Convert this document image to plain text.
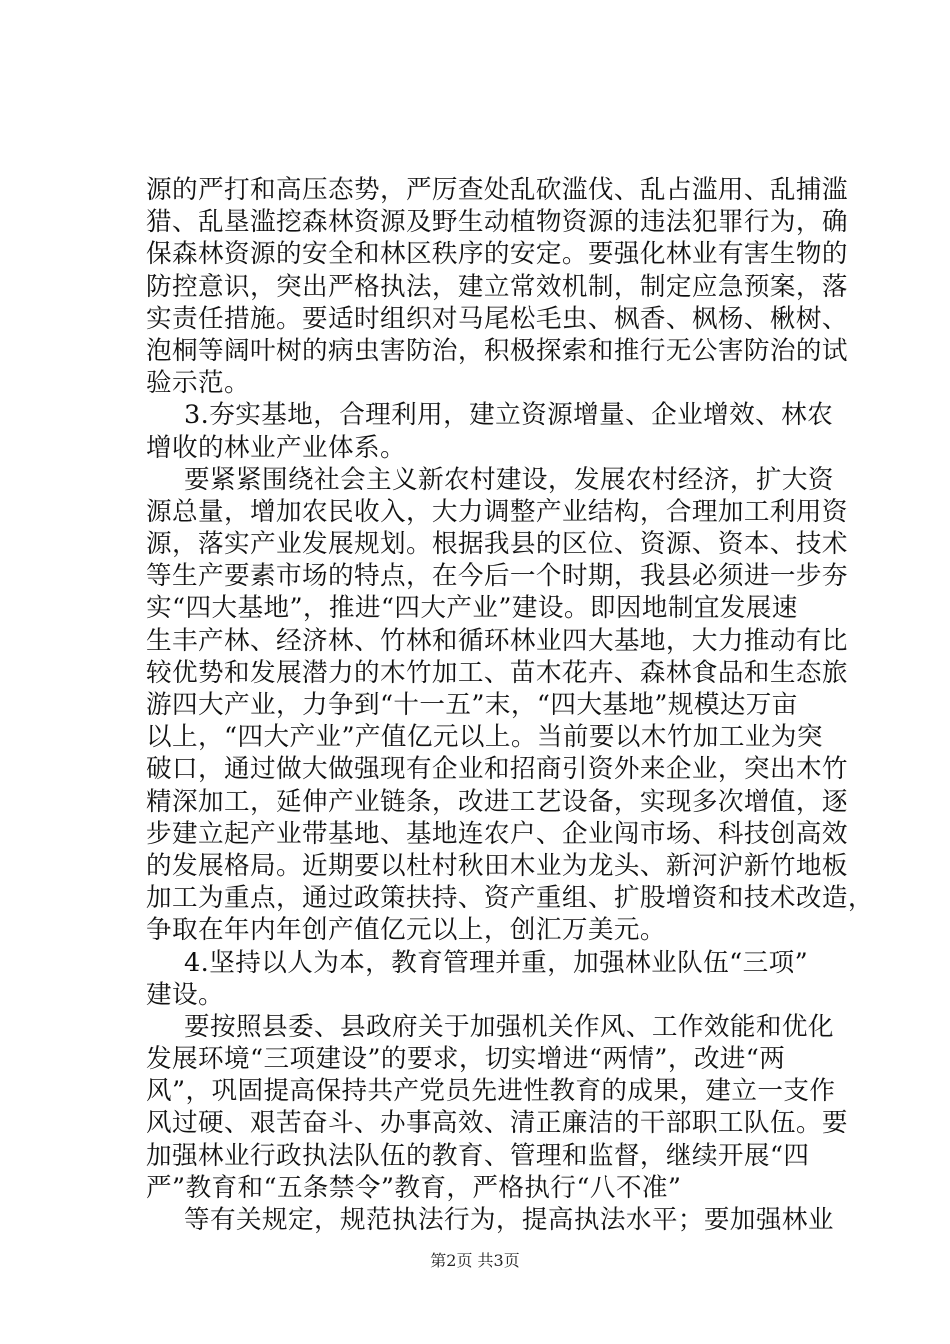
源的严打和高压态势，严厉查处乱砍滥伐、乱占滥用、乱捕滥
猎、乱垦滥挖森林资源及野生动植物资源的违法犯罪行为，确
保森林资源的安全和林区秩序的安定。要强化林业有害生物的
防控意识，突出严格执法，建立常效机制，制定应急预案，落
实责任措施。要适时组织对马尾松毛虫、枫香、枫杨、楸树、
泡桐等阔叶树的病虫害防治，积极探索和推行无公害防治的试
验示范。
3.夯实基地，合理利用，建立资源增量、企业增效、林农
增收的林业产业体系。
要紧紧围绕社会主义新农村建设，发展农村经济，扩大资
源总量，增加农民收入，大力调整产业结构，合理加工利用资
源，落实产业发展规划。根据我县的区位、资源、资本、技术
等生产要素市场的特点，在今后一个时期，我县必须进一步夯
实“四大基地”，推进“四大产业”建设。即因地制宜发展速
生丰产林、经济林、竹林和循环林业四大基地，大力推动有比
较优势和发展潜力的木竹加工、苗木花卉、森林食品和生态旅
游四大产业，力争到“十一五”末，“四大基地”规模达万亩
以上，“四大产业”产值亿元以上。当前要以木竹加工业为突
破口，通过做大做强现有企业和招商引资外来企业，突出木竹
精深加工，延伸产业链条，改进工艺设备，实现多次增值，逐
步建立起产业带基地、基地连农户、企业闯市场、科技创高效
的发展格局。近期要以杜村秋田木业为龙头、新河沪新竹地板
加工为重点，通过政策扶持、资产重组、扩股增资和技术改造，
争取在年内年创产值亿元以上，创汇万美元。
4.坚持以人为本，教育管理并重，加强林业队伍“三项”
建设。
要按照县委、县政府关于加强机关作风、工作效能和优化
发展环境“三项建设”的要求，切实增进“两情”，改进“两
风”，巩固提高保持共产党员先进性教育的成果，建立一支作
风过硬、艰苦奋斗、办事高效、清正廉洁的干部职工队伍。要
加强林业行政执法队伍的教育、管理和监督，继续开展“四
严”教育和“五条禁令”教育，严格执行“八不准”
等有关规定，规范执法行为，提高执法水平；要加强林业
第2页 共3页
